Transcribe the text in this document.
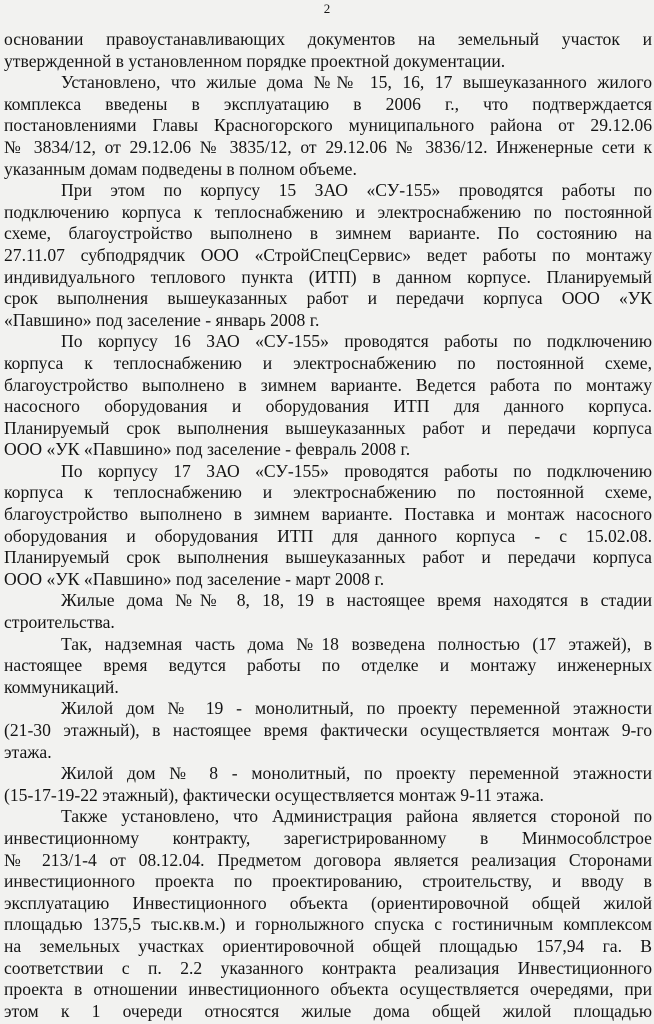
2
основании правоустанавливающих документов на земельный участок и
утвержденной в установленном порядке проектной документации.
Установлено, что жилые дома №№ 15, 16, 17 вышеуказанного жилого
комплекса введены в эксплуатацию в 2006 г., что подтверждается
постановлениями Главы Красногорского муниципального района от 29.12.06
№ 3834/12, от 29.12.06 № 3835/12, от 29.12.06 № 3836/12. Инженерные сети к
указанным домам подведены в полном объеме.
При этом по корпусу 15 ЗАО «СУ-155» проводятся работы по
подключению корпуса к теплоснабжению и электроснабжению по постоянной
схеме, благоустройство выполнено в зимнем варианте. По состоянию на
27.11.07 субподрядчик ООО «СтройСпецСервис» ведет работы по монтажу
индивидуального теплового пункта (ИТП) в данном корпусе. Планируемый
срок выполнения вышеуказанных работ и передачи корпуса ООО «УК
«Павшино» под заселение - январь 2008 г.
По корпусу 16 ЗАО «СУ-155» проводятся работы по подключению
корпуса к теплоснабжению и электроснабжению по постоянной схеме,
благоустройство выполнено в зимнем варианте. Ведется работа по монтажу
насосного оборудования и оборудования ИТП для данного корпуса.
Планируемый срок выполнения вышеуказанных работ и передачи корпуса
ООО «УК «Павшино» под заселение - февраль 2008 г.
По корпусу 17 ЗАО «СУ-155» проводятся работы по подключению
корпуса к теплоснабжению и электроснабжению по постоянной схеме,
благоустройство выполнено в зимнем варианте. Поставка и монтаж насосного
оборудования и оборудования ИТП для данного корпуса - с 15.02.08.
Планируемый срок выполнения вышеуказанных работ и передачи корпуса
ООО «УК «Павшино» под заселение - март 2008 г.
Жилые дома №№ 8, 18, 19 в настоящее время находятся в стадии
строительства.
Так, надземная часть дома №18 возведена полностью (17 этажей), в
настоящее время ведутся работы по отделке и монтажу инженерных
коммуникаций.
Жилой дом № 19 - монолитный, по проекту переменной этажности
(21-30 этажный), в настоящее время фактически осуществляется монтаж 9-го
этажа.
Жилой дом № 8 - монолитный, по проекту переменной этажности
(15-17-19-22 этажный), фактически осуществляется монтаж 9-11 этажа.
Также установлено, что Администрация района является стороной по
инвестиционному контракту, зарегистрированному в Минмособлстрое
№ 213/1-4 от 08.12.04. Предметом договора является реализация Сторонами
инвестиционного проекта по проектированию, строительству, и вводу в
эксплуатацию Инвестиционного объекта (ориентировочной общей жилой
площадью 1375,5 тыс.кв.м.) и горнолыжного спуска с гостиничным комплексом
на земельных участках ориентировочной общей площадью 157,94 га. В
соответствии с п. 2.2 указанного контракта реализация Инвестиционного
проекта в отношении инвестиционного объекта осуществляется очередями, при
этом к 1 очереди относятся жилые дома общей жилой площадью
